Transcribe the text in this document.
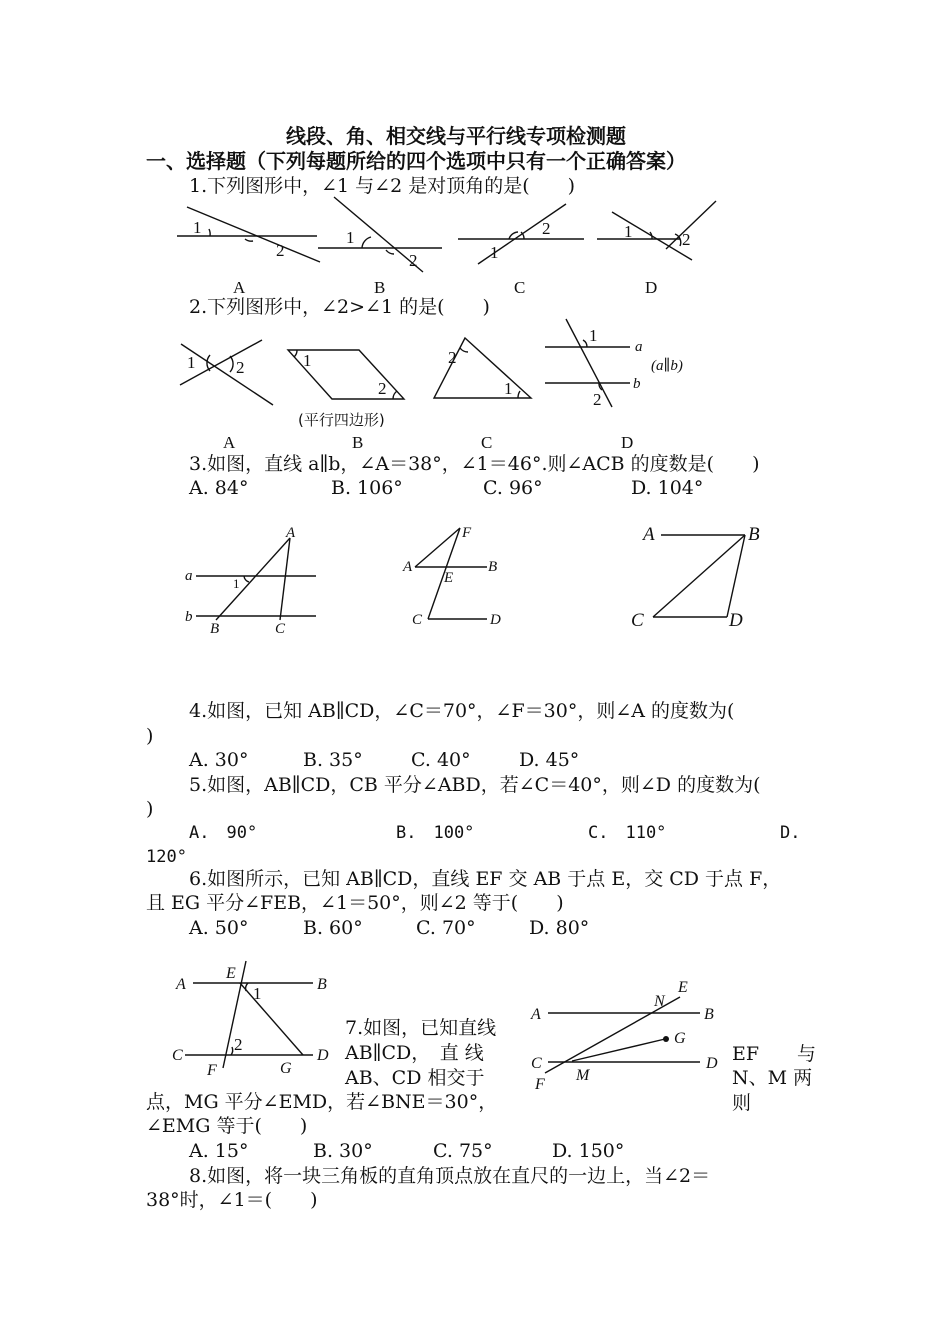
线段、角、相交线与平行线专项检测题
一、选择题（下列每题所给的四个选项中只有一个正确答案）
1.下列图形中，∠1 与∠2 是对顶角的是(　　)
1
2
A
1
2
B
1
2
C
1	2
D
2.下列图形中，∠2>∠1 的是(　　)
1 2
A
1
2
(平行四边形)
B
2
1
C
1
2
a
b
(a∥b)
D
3.如图，直线 a∥b，∠A＝38°，∠1＝46°.则∠ACB 的度数是(　　)
A. 84°	B. 106°	C. 96°	D. 104°
a
b
A
B	C
1
F
A	B
E
C	D
A	B
C	D
4.如图，已知 AB∥CD，∠C＝70°，∠F＝30°，则∠A 的度数为(
)
A. 30°	B. 35°	C. 40°	D. 45°
5.如图，AB∥CD，CB 平分∠ABD，若∠C＝40°，则∠D 的度数为(
)
A.　90°	B.　100°	C.　110°	D.
120°
6.如图所示，已知 AB∥CD，直线 EF 交 AB 于点 E，交 CD 于点 F，
且 EG 平分∠FEB，∠1＝50°，则∠2 等于(　　)
A. 50°	B. 60°	C. 70°	D. 80°
A	B
E
1
C	D
2
F	G
A	B
N
E
G
C	D
M
F
7.如图，已知直线
AB∥CD，　直 线
AB、CD 相交于
EF　　与
N、M 两
则
点，MG 平分∠EMD，若∠BNE＝30°，
∠EMG 等于(　　)
A. 15°	B. 30°	C. 75°	D. 150°
8.如图，将一块三角板的直角顶点放在直尺的一边上，当∠2＝
38°时，∠1＝(　　)
